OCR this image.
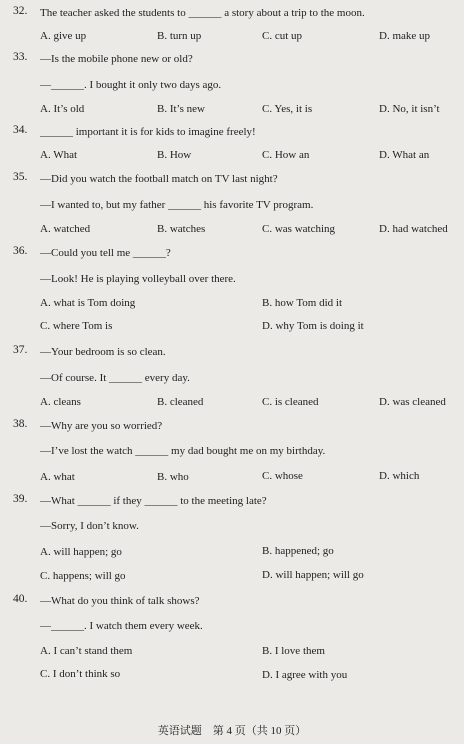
32. The teacher asked the students to ______ a story about a trip to the moon.
A. give up	B. turn up	C. cut up	D. make up
33. —Is the mobile phone new or old?
—______. I bought it only two days ago.
A. It’s old	B. It’s new	C. Yes, it is	D. No, it isn’t
34. ______ important it is for kids to imagine freely!
A. What	B. How	C. How an	D. What an
35. —Did you watch the football match on TV last night?
—I wanted to, but my father ______ his favorite TV program.
A. watched	B. watches	C. was watching	D. had watched
36. —Could you tell me ______?
—Look! He is playing volleyball over there.
A. what is Tom doing	B. how Tom did it
C. where Tom is	D. why Tom is doing it
37. —Your bedroom is so clean.
—Of course. It ______ every day.
A. cleans	B. cleaned	C. is cleaned	D. was cleaned
38. —Why are you so worried?
—I’ve lost the watch ______ my dad bought me on my birthday.
A. what	B. who	C. whose	D. which
39. —What ______ if they ______ to the meeting late?
—Sorry, I don’t know.
A. will happen; go	B. happened; go
C. happens; will go	D. will happen; will go
40. —What do you think of talk shows?
—______. I watch them every week.
A. I can’t stand them	B. I love them
C. I don’t think so	D. I agree with you
英语试题　第 4 页（共 10 页）
